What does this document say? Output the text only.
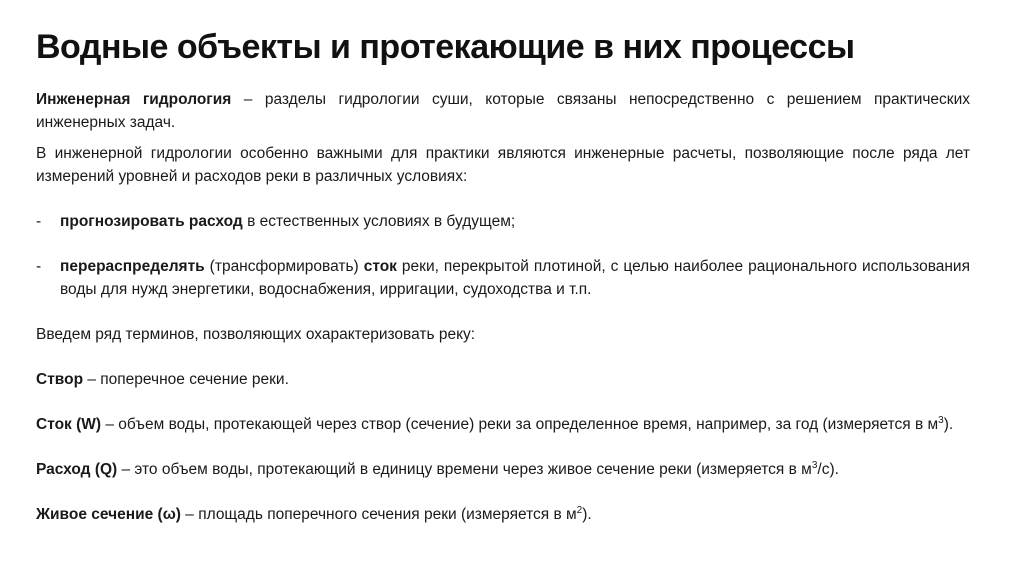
Водные объекты и протекающие в них процессы

Инженерная гидрология – разделы гидрологии суши, которые связаны непосредственно с решением практических инженерных задач.

В инженерной гидрологии особенно важными для практики являются инженерные расчеты, позволяющие после ряда лет измерений уровней и расходов реки в различных условиях:

-	прогнозировать расход в естественных условиях в будущем;
-	перераспределять (трансформировать) сток реки, перекрытой плотиной, с целью наиболее рационального использования воды для нужд энергетики, водоснабжения, ирригации, судоходства и т.п.

Введем ряд терминов, позволяющих охарактеризовать реку:

Створ – поперечное сечение реки.

Сток (W) – объем воды, протекающей через створ (сечение) реки за определенное время, например, за год (измеряется в $м^3$).

Расход (Q) – это объем воды, протекающий в единицу времени через живое сечение реки (измеряется в $м^3/с$).

Живое сечение (ω) – площадь поперечного сечения реки (измеряется в $м^2$).
